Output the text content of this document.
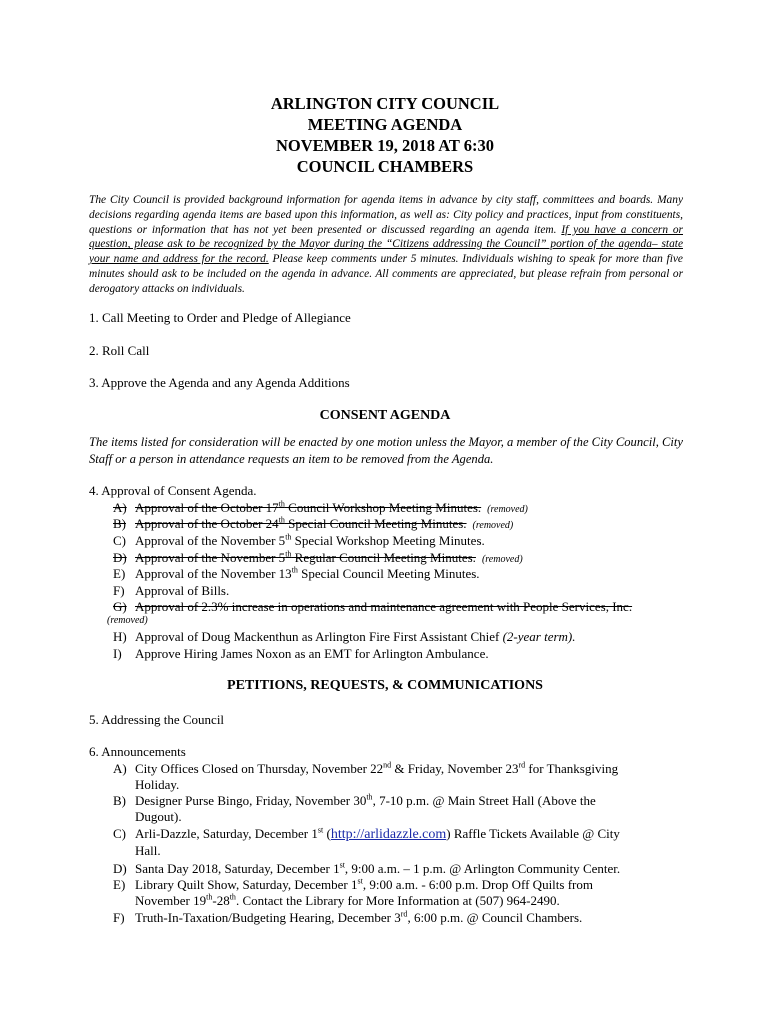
ARLINGTON CITY COUNCIL
MEETING AGENDA
NOVEMBER 19, 2018 AT 6:30
COUNCIL CHAMBERS
The City Council is provided background information for agenda items in advance by city staff, committees and boards. Many decisions regarding agenda items are based upon this information, as well as: City policy and practices, input from constituents, questions or information that has not yet been presented or discussed regarding an agenda item. If you have a concern or question, please ask to be recognized by the Mayor during the “Citizens addressing the Council” portion of the agenda– state your name and address for the record. Please keep comments under 5 minutes. Individuals wishing to speak for more than five minutes should ask to be included on the agenda in advance. All comments are appreciated, but please refrain from personal or derogatory attacks on individuals.
1. Call Meeting to Order and Pledge of Allegiance
2. Roll Call
3. Approve the Agenda and any Agenda Additions
CONSENT AGENDA
The items listed for consideration will be enacted by one motion unless the Mayor, a member of the City Council, City Staff or a person in attendance requests an item to be removed from the Agenda.
4. Approval of Consent Agenda.
A) Approval of the October 17th Council Workshop Meeting Minutes. (removed)
B) Approval of the October 24th Special Council Meeting Minutes. (removed)
C) Approval of the November 5th Special Workshop Meeting Minutes.
D) Approval of the November 5th Regular Council Meeting Minutes. (removed)
E) Approval of the November 13th Special Council Meeting Minutes.
F) Approval of Bills.
G) Approval of 2.3% increase in operations and maintenance agreement with People Services, Inc.
(removed)
H) Approval of Doug Mackenthun as Arlington Fire First Assistant Chief (2-year term).
I) Approve Hiring James Noxon as an EMT for Arlington Ambulance.
PETITIONS, REQUESTS, & COMMUNICATIONS
5. Addressing the Council
6. Announcements
A) City Offices Closed on Thursday, November 22nd & Friday, November 23rd for Thanksgiving
Holiday.
B) Designer Purse Bingo, Friday, November 30th, 7-10 p.m. @ Main Street Hall (Above the
Dugout).
C) Arli-Dazzle, Saturday, December 1st (http://arlidazzle.com) Raffle Tickets Available @ City
Hall.
D) Santa Day 2018, Saturday, December 1st, 9:00 a.m. – 1 p.m. @ Arlington Community Center.
E) Library Quilt Show, Saturday, December 1st, 9:00 a.m. - 6:00 p.m. Drop Off Quilts from
November 19th-28th. Contact the Library for More Information at (507) 964-2490.
F) Truth-In-Taxation/Budgeting Hearing, December 3rd, 6:00 p.m. @ Council Chambers.
